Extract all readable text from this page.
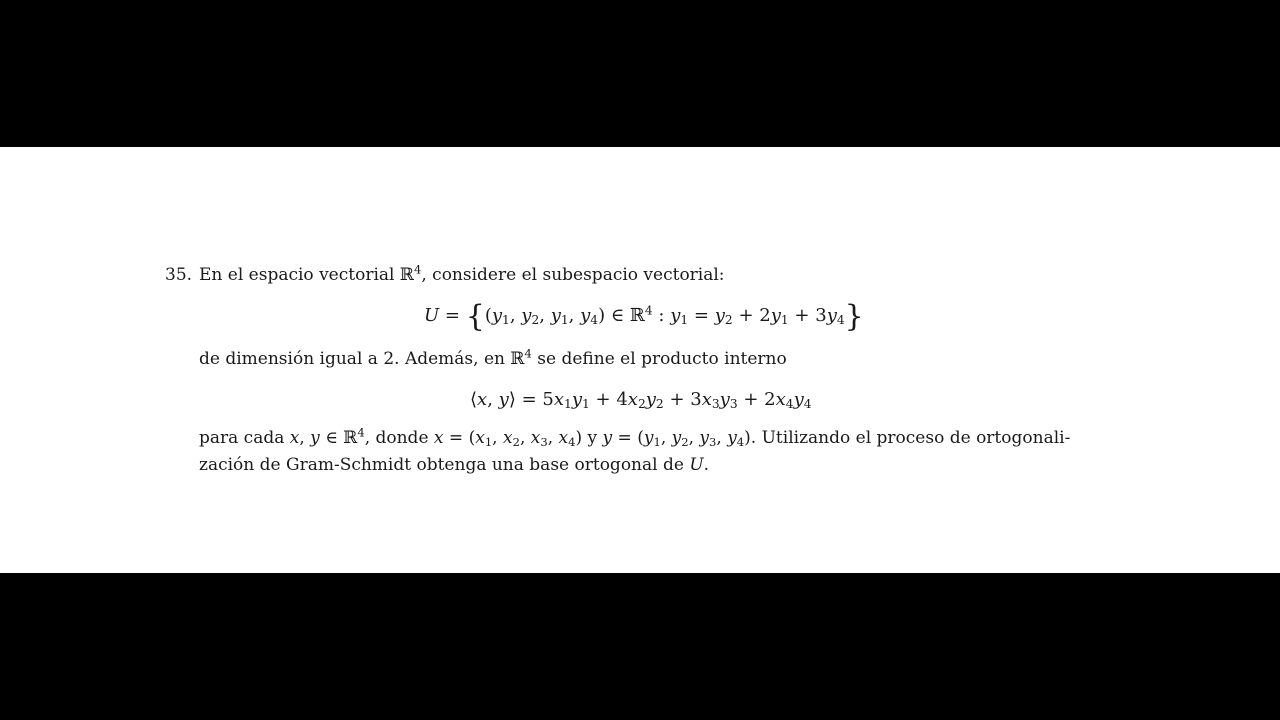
35. En el espacio vectorial ℝ$^4$, considere el subespacio vectorial:
$U = \{(y_1$, $y_2$, $y_1$, $y_4$) ∈ ℝ$^4$ : $y_1 = y_2 + 2y_1 + 3y_4$}
de dimensión igual a 2. Además, en ℝ$^4$ se define el producto interno
⟨x, y⟩ = $5x_1y_1 + 4x_2y_2 + 3x_3y_3 + 2x_4y_4$
para cada x, y ∈ ℝ$^4$, donde $x = (x_1$, $x_2$, $x_3$, $x_4$) y $y = (y_1$, $y_2$, $y_3$, $y_4$). Utilizando el proceso de ortogonali-
zación de Gram-Schmidt obtenga una base ortogonal de U.
